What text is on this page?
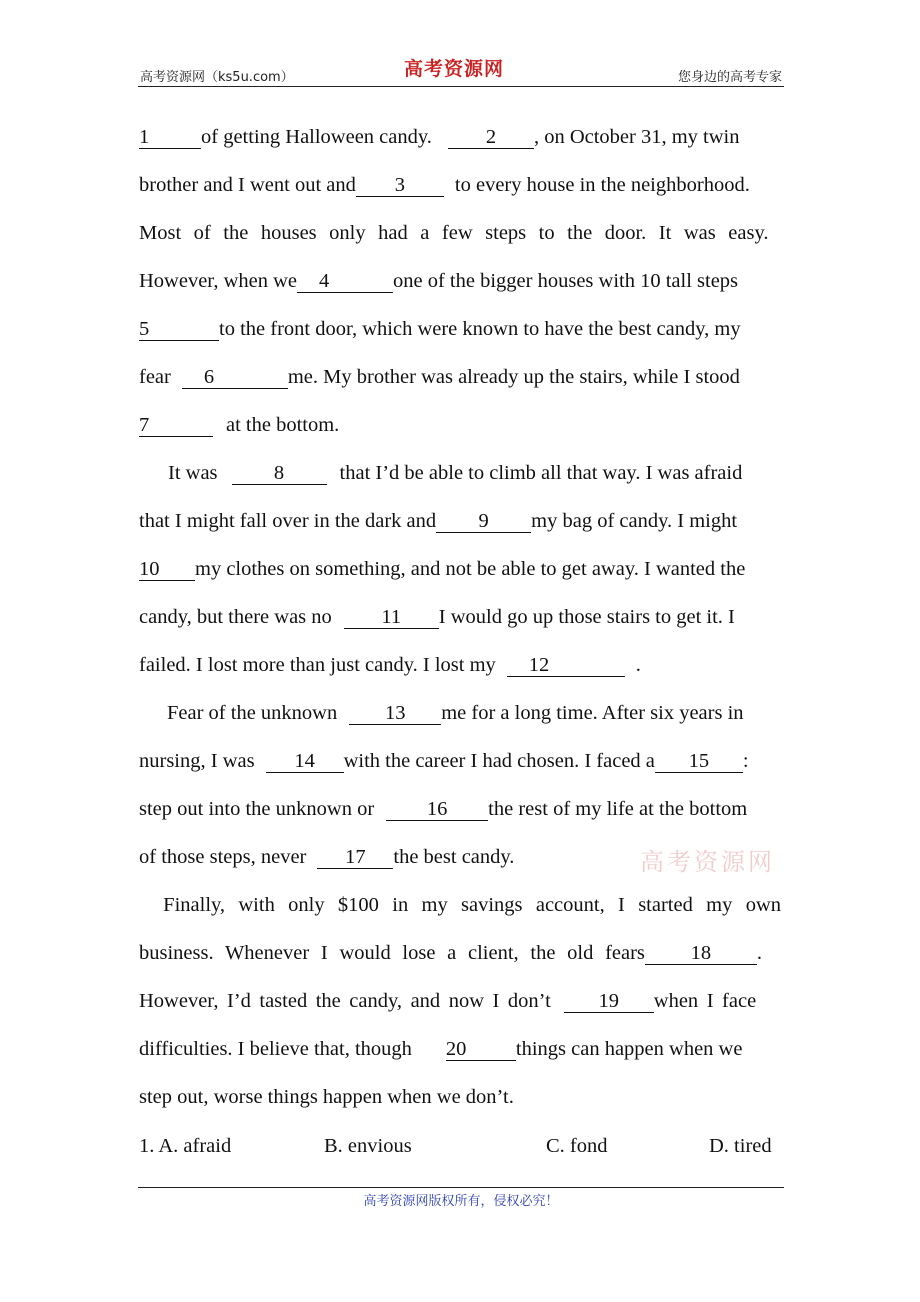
高考资源网（ks5u.com）	高考资源网	您身边的高考专家
1	of getting Halloween candy.	2	, on October 31, my twin
brother and I went out and	3	to every house in the neighborhood.
Most of the houses only had a few steps to the door. It was easy.
However, when we	4	one of the bigger houses with 10 tall steps
5	to the front door, which were known to have the best candy, my
fear	6	me. My brother was already up the stairs, while I stood
7	at the bottom.
It was	8	that I’d be able to climb all that way. I was afraid
that I might fall over in the dark and	9	my bag of candy. I might
10	my clothes on something, and not be able to get away. I wanted the
candy, but there was no	11	I would go up those stairs to get it. I
failed. I lost more than just candy. I lost my	12	.
Fear of the unknown	13	me for a long time. After six years in
nursing, I was	14	with the career I had chosen. I faced a	15	:
step out into the unknown or	16	the rest of my life at the bottom
of those steps, never	17	the best candy.	高考资源网
Finally, with only $100 in my savings account, I started my own
business. Whenever I would lose a client, the old fears	18	.
However, I’d tasted the candy, and now I don’t	19	when I face
difficulties. I believe that, though 20	things can happen when we
step out, worse things happen when we don’t.
1. A. afraid	B. envious	C. fond	D. tired
高考资源网版权所有，侵权必究！
